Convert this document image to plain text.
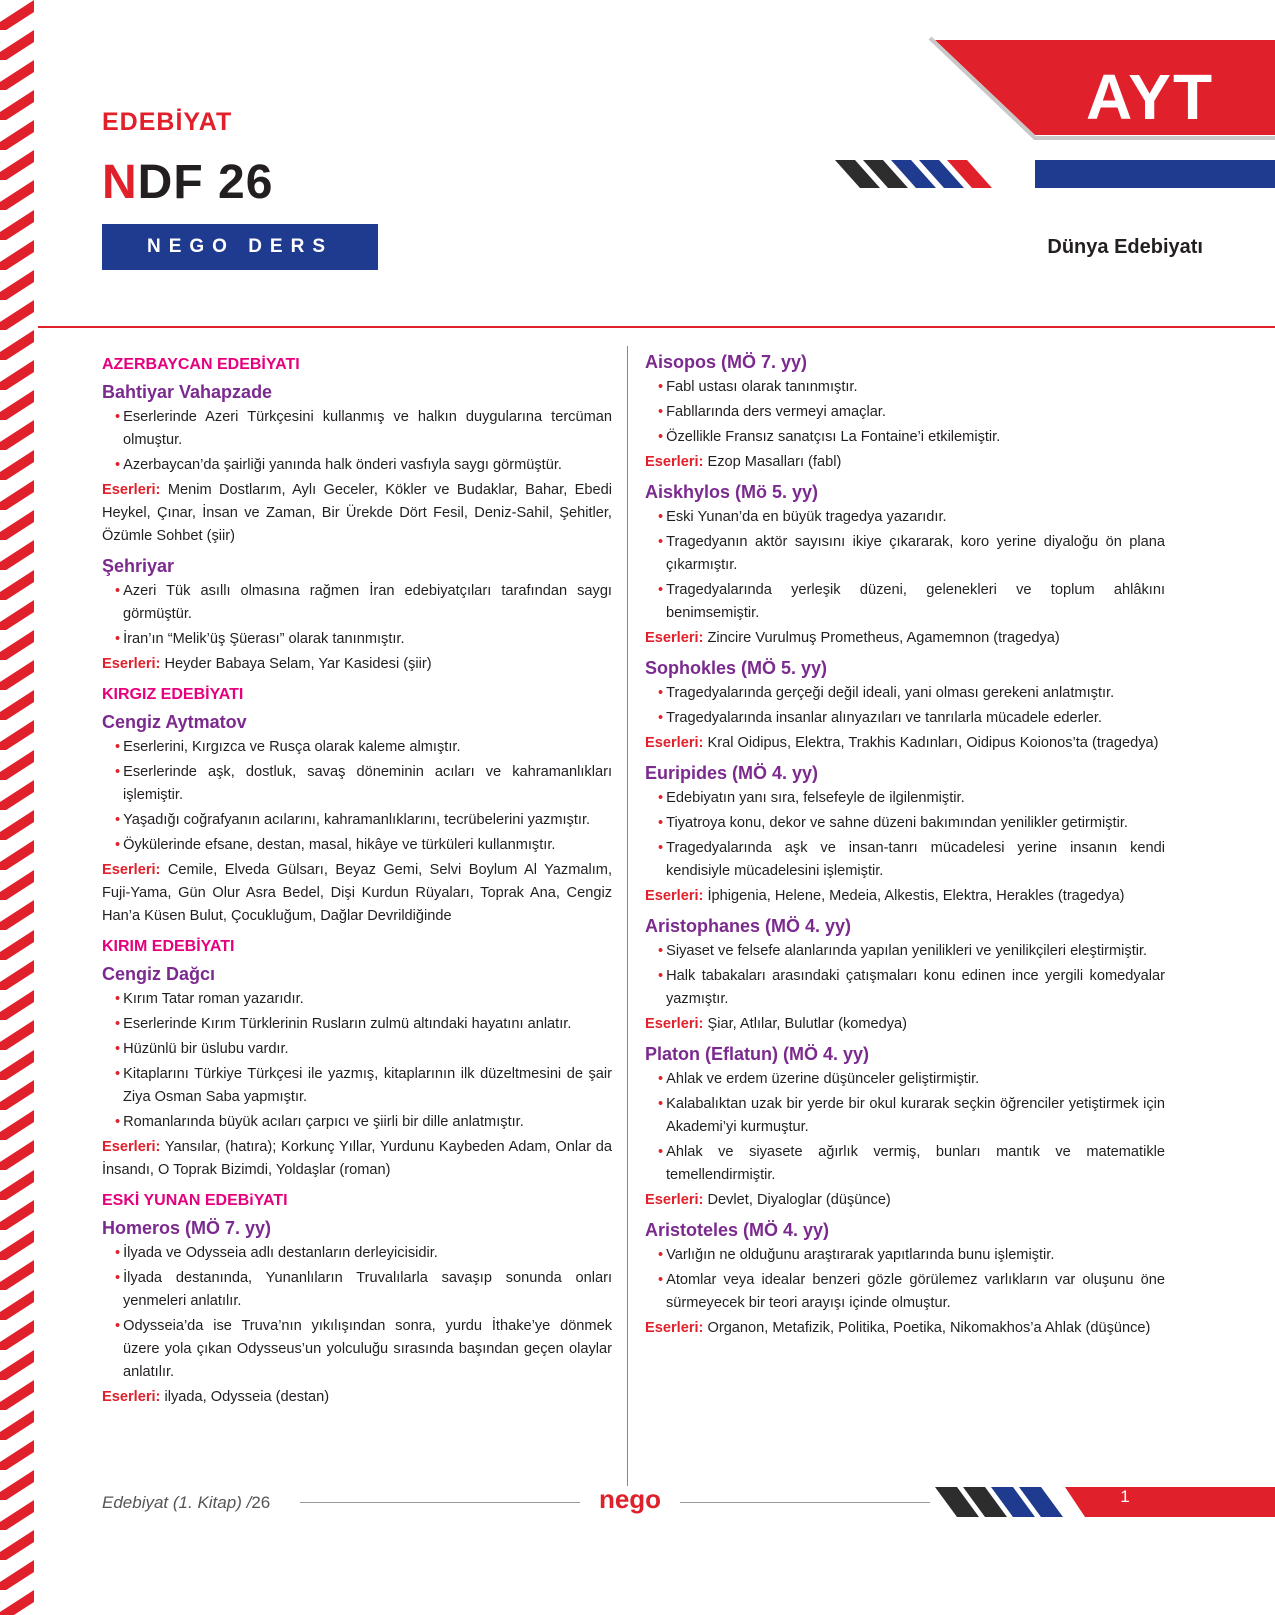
EDEBİYAT
NDF 26
NEGO DERS FÖYÜ
AYT
Dünya Edebiyatı
AZERBAYCAN EDEBİYATI
Bahtiyar Vahapzade
• Eserlerinde Azeri Türkçesini kullanmış ve halkın duygularına tercüman olmuştur.
• Azerbaycan’da şairliği yanında halk önderi vasfıyla saygı görmüştür.
Eserleri: Menim Dostlarım, Aylı Geceler, Kökler ve Budaklar, Bahar, Ebedi Heykel, Çınar, İnsan ve Zaman, Bir Ürekde Dört Fesil, Deniz-Sahil, Şehitler, Özümle Sohbet (şiir)
Şehriyar
• Azeri Tük asıllı olmasına rağmen İran edebiyatçıları tarafından saygı görmüştür.
• İran’ın “Melik’üş Şüerası” olarak tanınmıştır.
Eserleri: Heyder Babaya Selam, Yar Kasidesi (şiir)
KIRGIZ EDEBİYATI
Cengiz Aytmatov
• Eserlerini, Kırgızca ve Rusça olarak kaleme almıştır.
• Eserlerinde aşk, dostluk, savaş döneminin acıları ve kahramanlıkları işlemiştir.
• Yaşadığı coğrafyanın acılarını, kahramanlıklarını, tecrübelerini yazmıştır.
• Öykülerinde efsane, destan, masal, hikâye ve türküleri kullanmıştır.
Eserleri: Cemile, Elveda Gülsarı, Beyaz Gemi, Selvi Boylum Al Yazmalım, Fuji-Yama, Gün Olur Asra Bedel, Dişi Kurdun Rüyaları, Toprak Ana, Cengiz Han’a Küsen Bulut, Çocukluğum, Dağlar Devrildiğinde
KIRIM EDEBİYATI
Cengiz Dağcı
• Kırım Tatar roman yazarıdır.
• Eserlerinde Kırım Türklerinin Rusların zulmü altındaki hayatını anlatır.
• Hüzünlü bir üslubu vardır.
• Kitaplarını Türkiye Türkçesi ile yazmış, kitaplarının ilk düzeltmesini de şair Ziya Osman Saba yapmıştır.
• Romanlarında büyük acıları çarpıcı ve şiirli bir dille anlatmıştır.
Eserleri: Yansılar, (hatıra); Korkunç Yıllar, Yurdunu Kaybeden Adam, Onlar da İnsandı, O Toprak Bizimdi, Yoldaşlar (roman)
ESKİ YUNAN EDEBiYATI
Homeros (MÖ 7. yy)
• İlyada ve Odysseia adlı destanların derleyicisidir.
• İlyada destanında, Yunanlıların Truvalılarla savaşıp sonunda onları yenmeleri anlatılır.
• Odysseia’da ise Truva’nın yıkılışından sonra, yurdu İthake’ye dönmek üzere yola çıkan Odysseus’un yolculuğu sırasında başından geçen olaylar anlatılır.
Eserleri: ilyada, Odysseia (destan)
Aisopos (MÖ 7. yy)
• Fabl ustası olarak tanınmıştır.
• Fabllarında ders vermeyi amaçlar.
• Özellikle Fransız sanatçısı La Fontaine’i etkilemiştir.
Eserleri: Ezop Masalları (fabl)
Aiskhylos (Mö 5. yy)
• Eski Yunan’da en büyük tragedya yazarıdır.
• Tragedyanın aktör sayısını ikiye çıkararak, koro yerine diyaloğu ön plana çıkarmıştır.
• Tragedyalarında yerleşik düzeni, gelenekleri ve toplum ahlâkını benimsemiştir.
Eserleri: Zincire Vurulmuş Prometheus, Agamemnon (tragedya)
Sophokles (MÖ 5. yy)
• Tragedyalarında gerçeği değil ideali, yani olması gerekeni anlatmıştır.
• Tragedyalarında insanlar alınyazıları ve tanrılarla mücadele ederler.
Eserleri: Kral Oidipus, Elektra, Trakhis Kadınları, Oidipus Koionos’ta (tragedya)
Euripides (MÖ 4. yy)
• Edebiyatın yanı sıra, felsefeyle de ilgilenmiştir.
• Tiyatroya konu, dekor ve sahne düzeni bakımından yenilikler getirmiştir.
• Tragedyalarında aşk ve insan-tanrı mücadelesi yerine insanın kendi kendisiyle mücadelesini işlemiştir.
Eserleri: İphigenia, Helene, Medeia, Alkestis, Elektra, Herakles (tragedya)
Aristophanes (MÖ 4. yy)
• Siyaset ve felsefe alanlarında yapılan yenilikleri ve yenilikçileri eleştirmiştir.
• Halk tabakaları arasındaki çatışmaları konu edinen ince yergili komedyalar yazmıştır.
Eserleri: Şiar, Atlılar, Bulutlar (komedya)
Platon (Eflatun) (MÖ 4. yy)
• Ahlak ve erdem üzerine düşünceler geliştirmiştir.
• Kalabalıktan uzak bir yerde bir okul kurarak seçkin öğrenciler yetiştirmek için Akademi’yi kurmuştur.
• Ahlak ve siyasete ağırlık vermiş, bunları mantık ve matematikle temellendirmiştir.
Eserleri: Devlet, Diyaloglar (düşünce)
Aristoteles (MÖ 4. yy)
• Varlığın ne olduğunu araştırarak yapıtlarında bunu işlemiştir.
• Atomlar veya idealar benzeri gözle görülemez varlıkların var oluşunu öne sürmeyecek bir teori arayışı içinde olmuştur.
Eserleri: Organon, Metafizik, Politika, Poetika, Nikomakhos’a Ahlak (düşünce)
Edebiyat (1. Kitap) /26	nego	1
